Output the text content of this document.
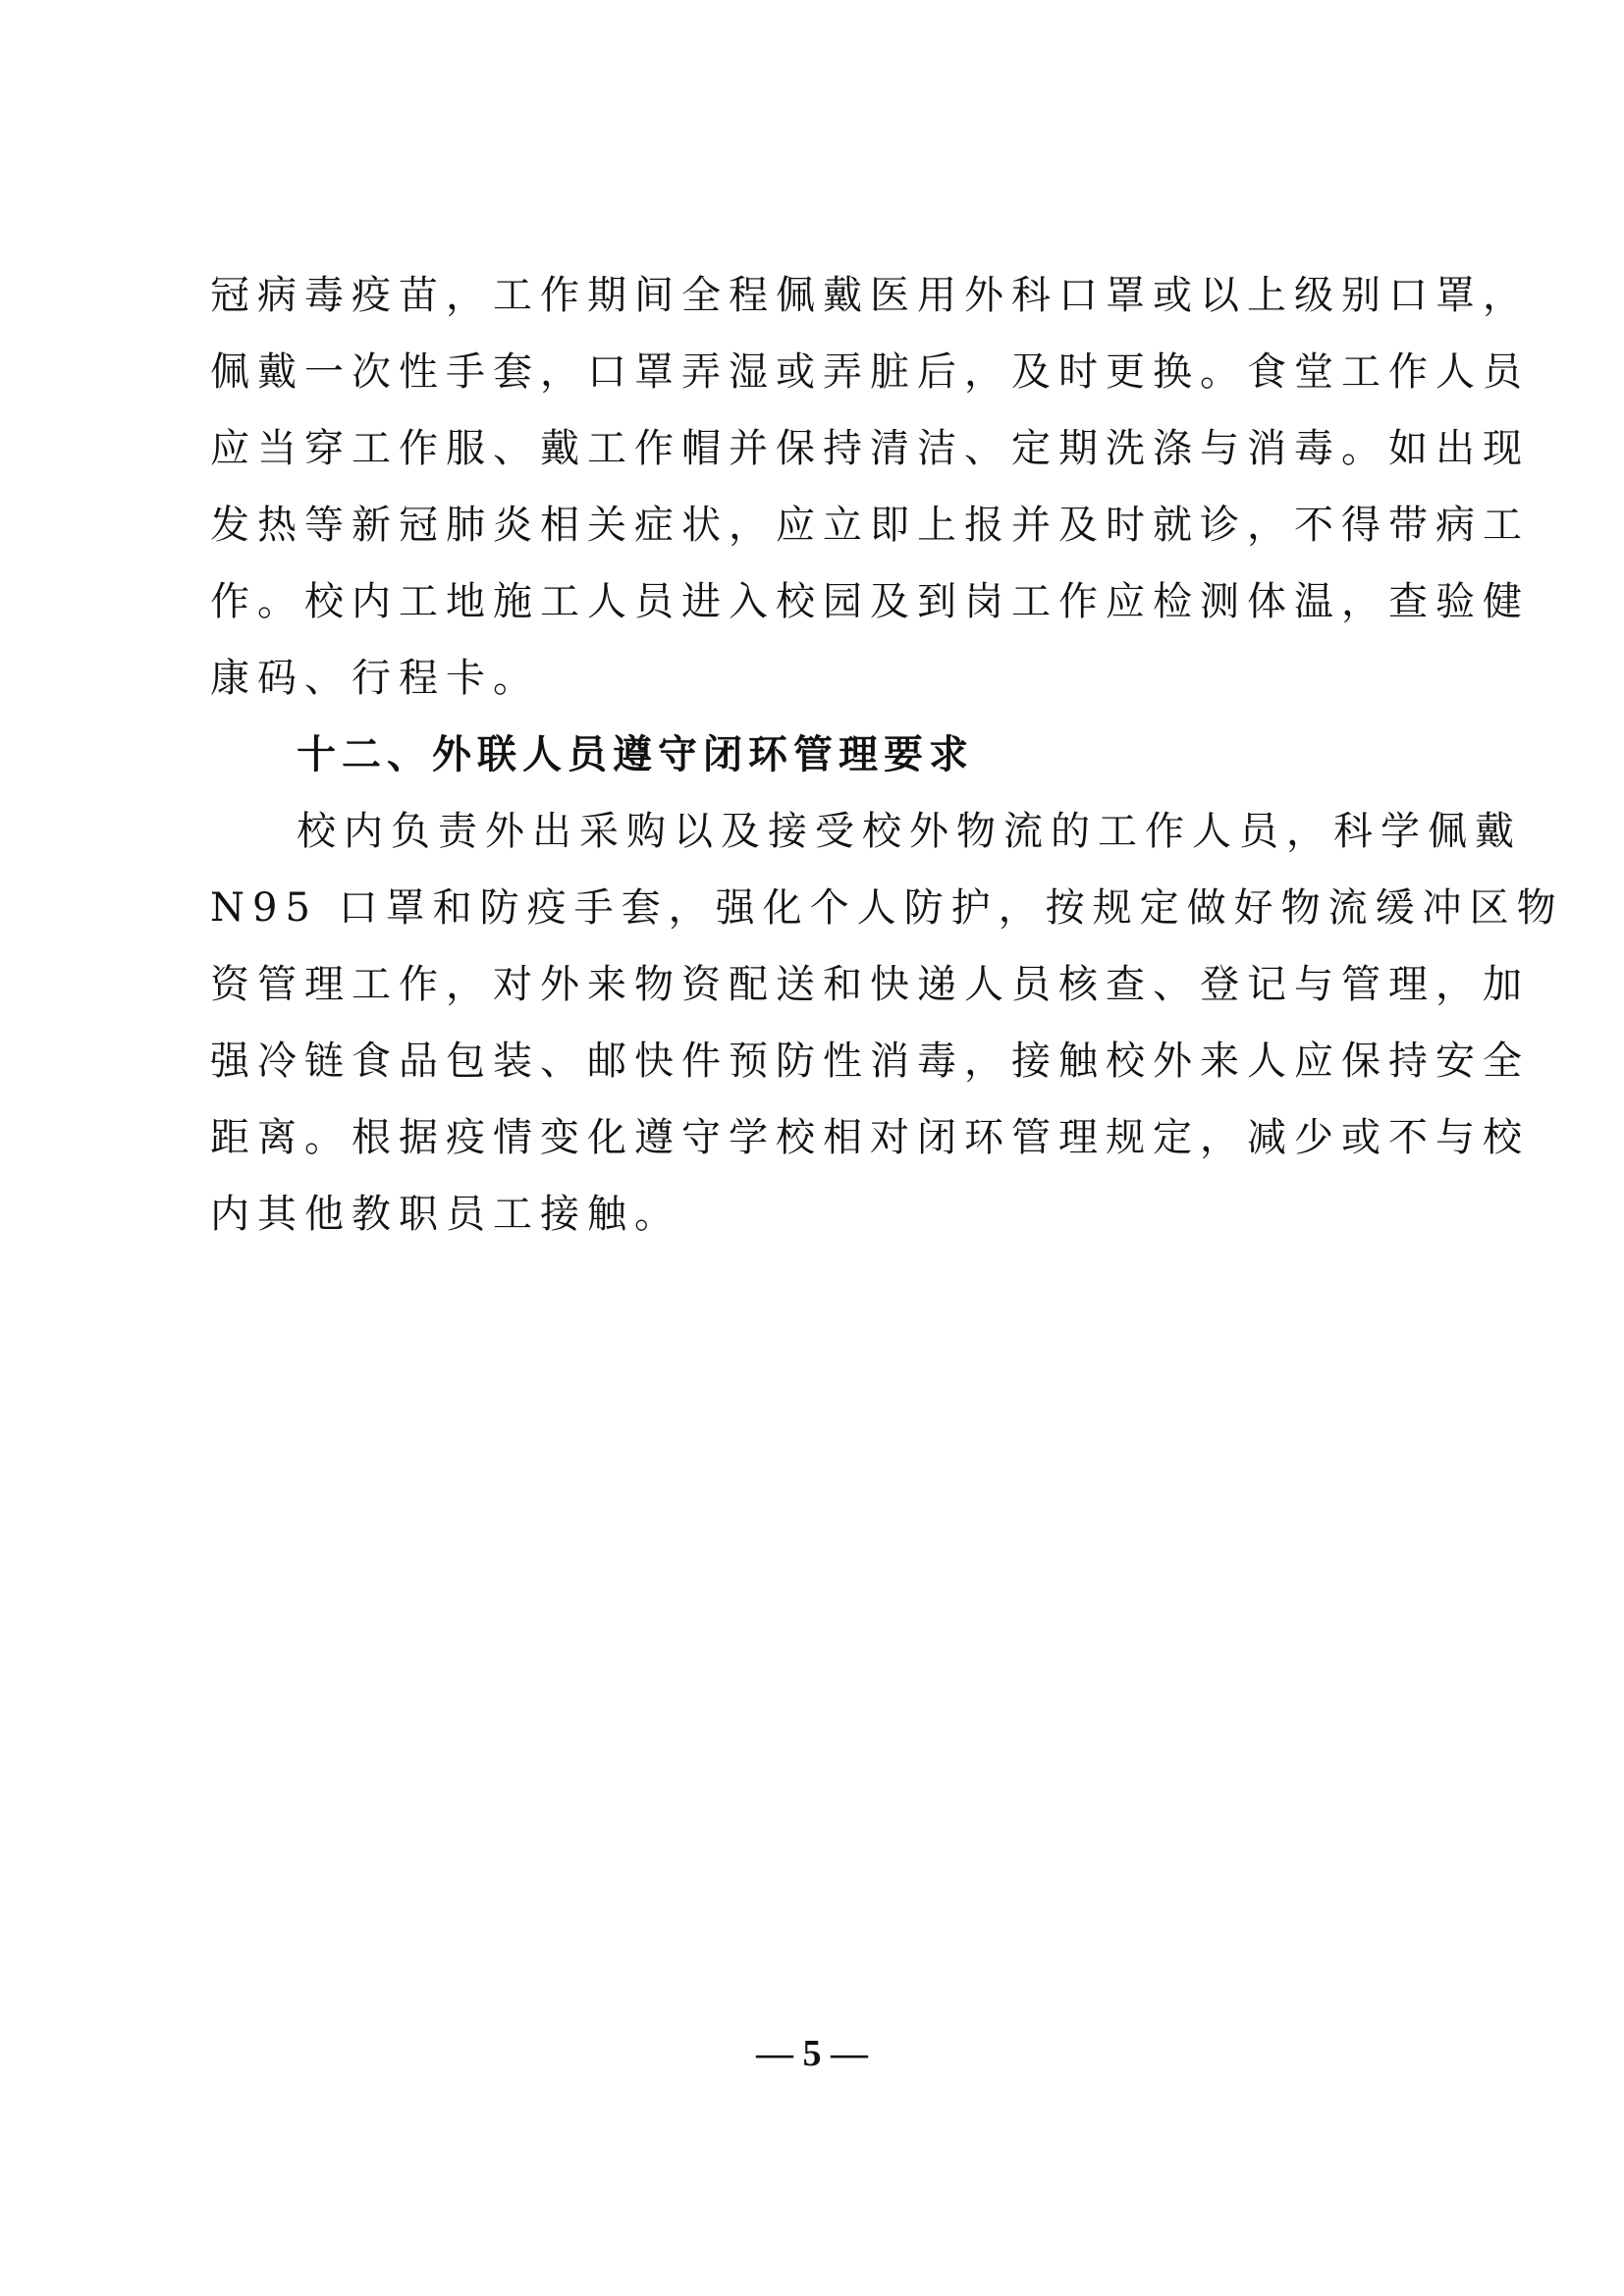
冠病毒疫苗，工作期间全程佩戴医用外科口罩或以上级别口罩，
佩戴一次性手套，口罩弄湿或弄脏后，及时更换。食堂工作人员
应当穿工作服、戴工作帽并保持清洁、定期洗涤与消毒。如出现
发热等新冠肺炎相关症状，应立即上报并及时就诊，不得带病工
作。校内工地施工人员进入校园及到岗工作应检测体温，查验健
康码、行程卡。
十二、外联人员遵守闭环管理要求
校内负责外出采购以及接受校外物流的工作人员，科学佩戴
N95 口罩和防疫手套，强化个人防护，按规定做好物流缓冲区物
资管理工作，对外来物资配送和快递人员核查、登记与管理，加
强冷链食品包装、邮快件预防性消毒，接触校外来人应保持安全
距离。根据疫情变化遵守学校相对闭环管理规定，减少或不与校
内其他教职员工接触。
— 5 —
